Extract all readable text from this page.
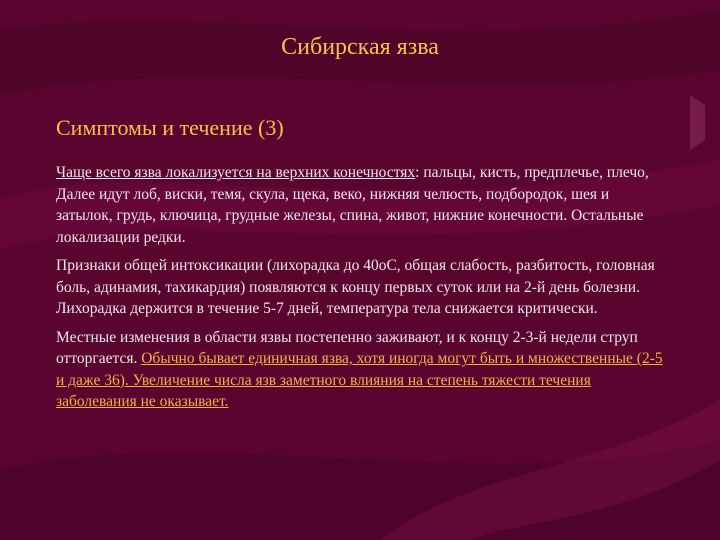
Сибирская язва
Симптомы и течение (3)

Чаще всего язва локализуется на верхних конечностях: пальцы, кисть, предплечье, плечо,
Далее идут лоб, виски, темя, скула, щека, веко, нижняя челюсть, подбородок, шея и затылок, грудь, ключица, грудные железы, спина, живот, нижние конечности. Остальные локализации редки.

Признаки общей интоксикации (лихорадка до 40оС, общая слабость, разбитость, головная боль, адинамия, тахикардия) появляются к концу первых суток или на 2-й день болезни. Лихорадка держится в течение 5-7 дней, температура тела снижается критически.

Местные изменения в области язвы постепенно заживают, и к концу 2-3-й недели струп отторгается. Обычно бывает единичная язва, хотя иногда могут быть и множественные (2-5 и даже 36). Увеличение числа язв заметного влияния на степень тяжести течения заболевания не оказывает.
